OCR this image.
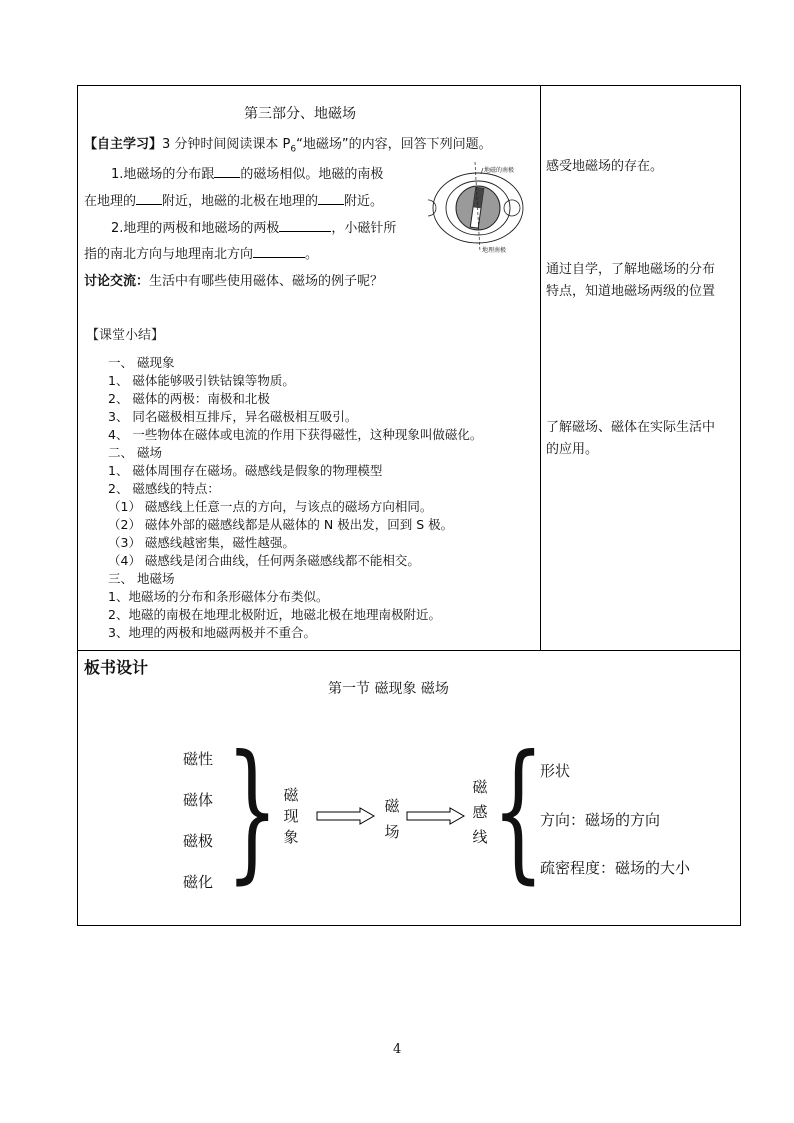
第三部分、地磁场
【自主学习】3 分钟时间阅读课本 $P_6“$地磁场”的内容，回答下列问题。
1.地磁场的分布跟 的磁场相似。地磁的南极
在地理的 附近，地磁的北极在地理的 附近。
2.地理的两极和地磁场的两极	，小磁针所
指的南北方向与地理南北方向	。
讨论交流：生活中有哪些使用磁体、磁场的例子呢？
地磁的南极
地理南极
【课堂小结】
一、 磁现象
1、 磁体能够吸引铁钴镍等物质。
2、 磁体的两极：南极和北极
3、 同名磁极相互排斥，异名磁极相互吸引。
4、 一些物体在磁体或电流的作用下获得磁性，这种现象叫做磁化。
二、 磁场
1、 磁体周围存在磁场。磁感线是假象的物理模型
2、 磁感线的特点：
（1） 磁感线上任意一点的方向，与该点的磁场方向相同。
（2） 磁体外部的磁感线都是从磁体的 N 极出发，回到 S 极。
（3） 磁感线越密集，磁性越强。
（4） 磁感线是闭合曲线，任何两条磁感线都不能相交。
三、 地磁场
1、地磁场的分布和条形磁体分布类似。
2、地磁的南极在地理北极附近，地磁北极在地理南极附近。
3、地理的两极和地磁两极并不重合。
感受地磁场的存在。
通过自学，了解地磁场的分布
特点，知道地磁场两级的位置
了解磁场、磁体在实际生活中
的应用。
板书设计
第一节 磁现象 磁场
磁性
磁体
磁极
磁化 } 磁
现
象
磁
场
磁
感
线 {
形状
方向：磁场的方向
疏密程度：磁场的大小
4
